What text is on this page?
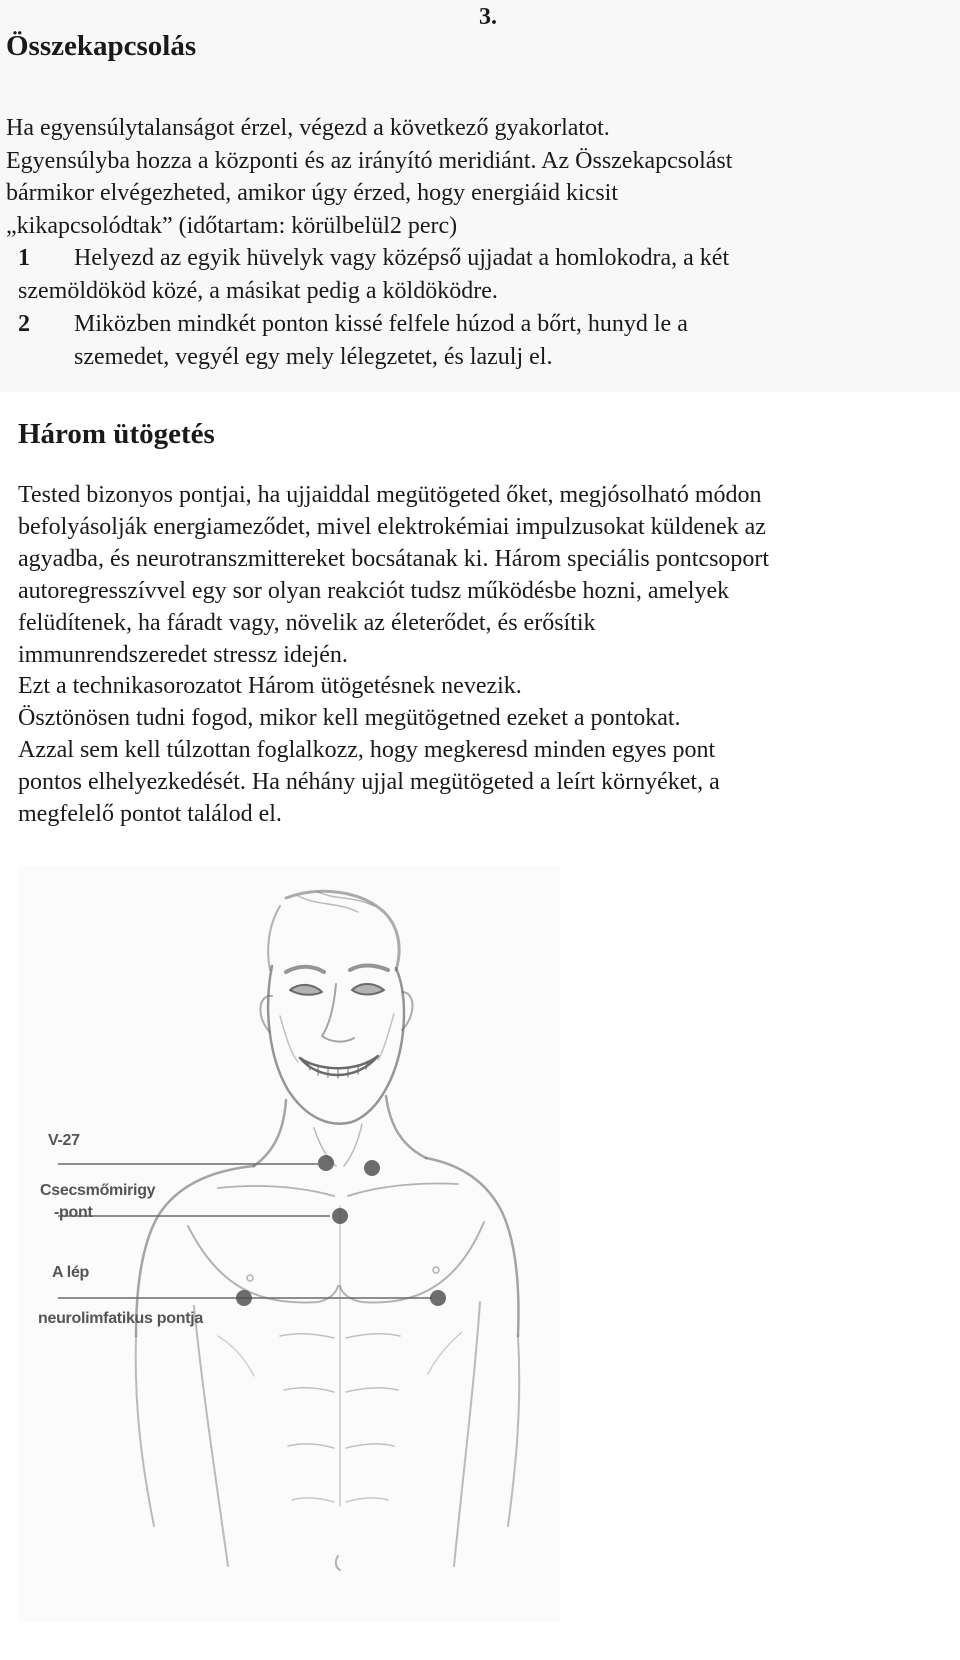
3.
Összekapcsolás
Ha egyensúlytalanságot érzel, végezd a következő gyakorlatot.
Egyensúlyba hozza a központi és az irányító meridiánt. Az Összekapcsolást
bármikor elvégezheted, amikor úgy érzed, hogy energiáid kicsit
„kikapcsolódtak” (időtartam: körülbelül2 perc)
1 Helyezd az egyik hüvelyk vagy középső ujjadat a homlokodra, a két
szemöldököd közé, a másikat pedig a köldöködre.
2 Miközben mindkét ponton kissé felfele húzod a bőrt, hunyd le a
szemedet, vegyél egy mely lélegzetet, és lazulj el.
Három ütögetés
Tested bizonyos pontjai, ha ujjaiddal megütögeted őket, megjósolható módon
befolyásolják energiameződet, mivel elektrokémiai impulzusokat küldenek az
agyadba, és neurotranszmittereket bocsátanak ki. Három speciális pontcsoport
autoregresszívvel egy sor olyan reakciót tudsz működésbe hozni, amelyek
felüdítenek, ha fáradt vagy, növelik az életerődet, és erősítik
immunrendszeredet stressz idején.
Ezt a technikasorozatot Három ütögetésnek nevezik.
Ösztönösen tudni fogod, mikor kell megütögetned ezeket a pontokat.
Azzal sem kell túlzottan foglalkozz, hogy megkeresd minden egyes pont
pontos elhelyezkedését. Ha néhány ujjal megütögeted a leírt környéket, a
megfelelő pontot találod el.
V-27
Csecsmőmirigy
-pont
A lép
neurolimfatikus pontja
